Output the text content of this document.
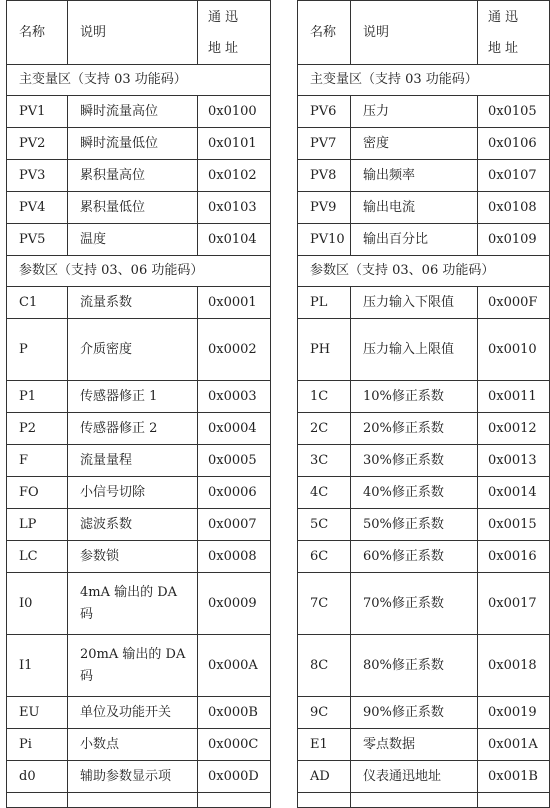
名称	说明	通迅地址
主变量区（支持 03 功能码）		
PV1	瞬时流量高位	0x0100
PV2	瞬时流量低位	0x0101
PV3	累积量高位	0x0102
PV4	累积量低位	0x0103
PV5	温度	0x0104
参数区（支持 03、06 功能码）		
C1	流量系数	0x0001
P	介质密度	0x0002
P1	传感器修正 1	0x0003
P2	传感器修正 2	0x0004
F	流量量程	0x0005
FO	小信号切除	0x0006
LP	滤波系数	0x0007
LC	参数锁	0x0008
I0	4mA 输出的 DA 码	0x0009
I1	20mA 输出的 DA 码	0x000A
EU	单位及功能开关	0x000B
Pi	小数点	0x000C
d0	辅助参数显示项	0x000D

名称	说明	通迅地址
主变量区（支持 03 功能码）		
PV6	压力	0x0105
PV7	密度	0x0106
PV8	输出频率	0x0107
PV9	输出电流	0x0108
PV10	输出百分比	0x0109
参数区（支持 03、06 功能码）		
PL	压力输入下限值	0x000F
PH	压力输入上限值	0x0010
1C	10%修正系数	0x0011
2C	20%修正系数	0x0012
3C	30%修正系数	0x0013
4C	40%修正系数	0x0014
5C	50%修正系数	0x0015
6C	60%修正系数	0x0016
7C	70%修正系数	0x0017
8C	80%修正系数	0x0018
9C	90%修正系数	0x0019
E1	零点数据	0x001A
AD	仪表通迅地址	0x001B
